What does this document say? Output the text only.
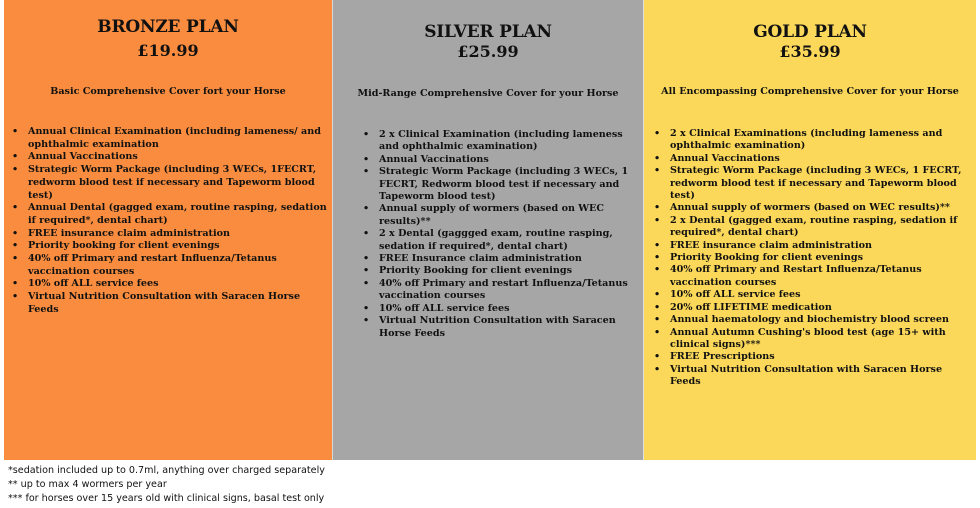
BRONZE PLAN
£19.99
Basic Comprehensive Cover fort your Horse
• Annual Clinical Examination (including lameness/ and ophthalmic examination
• Annual Vaccinations
• Strategic Worm Package (including 3 WECs, 1FECRT, redworm blood test if necessary and Tapeworm blood test)
• Annual Dental (gagged exam, routine rasping, sedation if required*, dental chart)
• FREE insurance claim administration
• Priority booking for client evenings
• 40% off Primary and restart Influenza/Tetanus vaccination courses
• 10% off ALL service fees
• Virtual Nutrition Consultation with Saracen Horse Feeds
SILVER PLAN
£25.99
Mid-Range Comprehensive Cover for your Horse
• 2 x Clinical Examination (including lameness and ophthalmic examination)
• Annual Vaccinations
• Strategic Worm Package (including 3 WECs, 1 FECRT, Redworm blood test if necessary and Tapeworm blood test)
• Annual supply of wormers (based on WEC results)**
• 2 x Dental (gaggged exam, routine rasping, sedation if required*, dental chart)
• FREE Insurance claim administration
• Priority Booking for client evenings
• 40% off Primary and restart Influenza/Tetanus vaccination courses
• 10% off ALL service fees
• Virtual Nutrition Consultation with Saracen Horse Feeds
GOLD PLAN
£35.99
All Encompassing Comprehensive Cover for your Horse
• 2 x Clinical Examinations (including lameness and ophthalmic examination)
• Annual Vaccinations
• Strategic Worm Package (including 3 WECs, 1 FECRT, redworm blood test if necessary and Tapeworm blood test)
• Annual supply of wormers (based on WEC results)**
• 2 x Dental (gagged exam, routine rasping, sedation if required*, dental chart)
• FREE insurance claim administration
• Priority Booking for client evenings
• 40% off Primary and Restart Influenza/Tetanus vaccination courses
• 10% off ALL service fees
• 20% off LIFETIME medication
• Annual haematology and biochemistry blood screen
• Annual Autumn Cushing's blood test (age 15+ with clinical signs)***
• FREE Prescriptions
• Virtual Nutrition Consultation with Saracen Horse Feeds
*sedation included up to 0.7ml, anything over charged separately
** up to max 4 wormers per year
*** for horses over 15 years old with clinical signs, basal test only
